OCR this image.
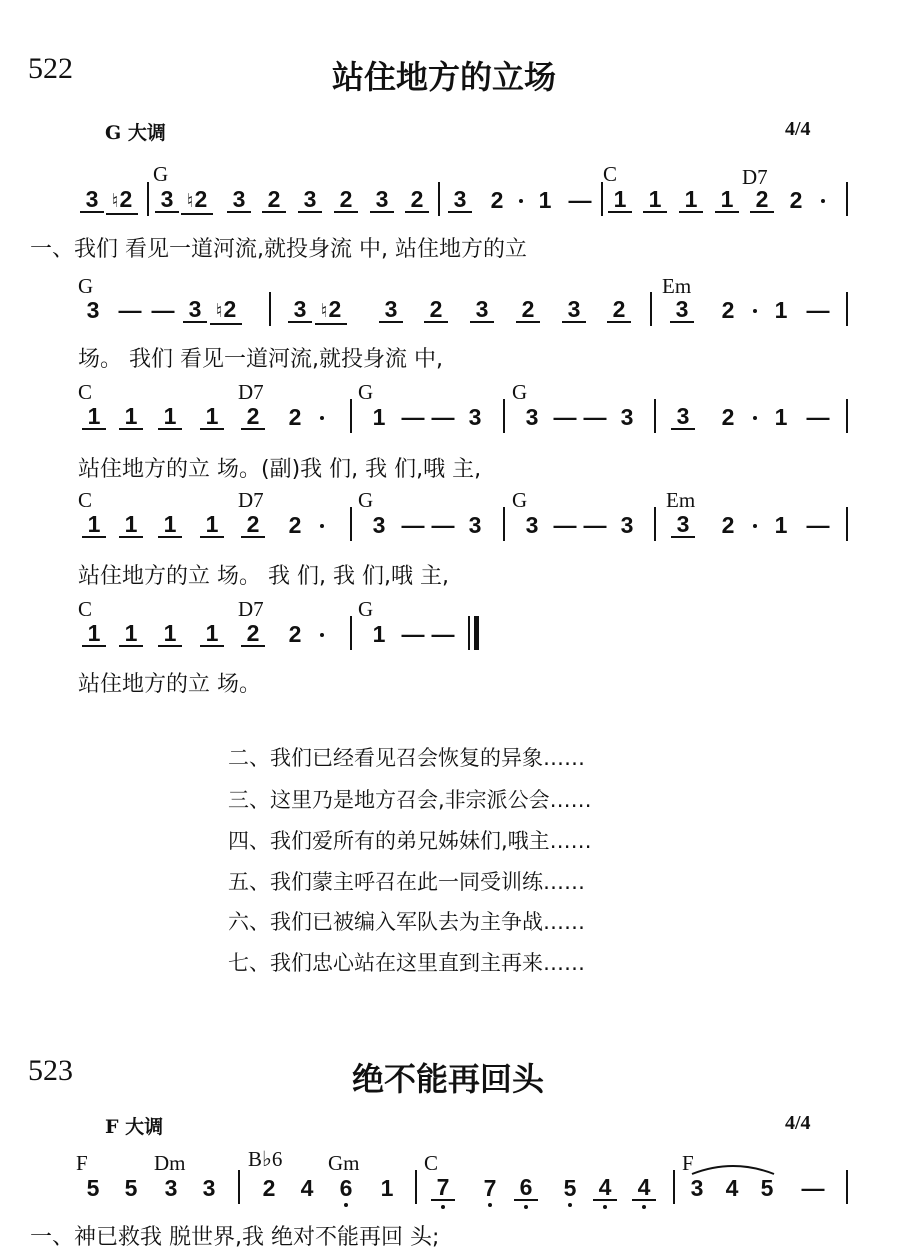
522	站住地方的立场
G 大调	4/4
G	C	D7
3 ♮2 3 ♮2 3 2 3 2 3 2 3	2	1 — 1 1 1 1 2 2
一、我们 看见一道河流,就投身流 中, 站住地方的立
G	Em
3 — — 3 ♮2 3 ♮2 3 2 3 2 3 2 3	2	1 —
场。 我们 看见一道河流,就投身流 中,
C	D7	G	G
1 1 1 1 2	2	1 — — 3	3 — — 3	3	2	1 —
站住地方的立 场。(副)我 们, 我 们,哦 主,
C	D7	G	G	Em
1 1 1 1 2	2	3 — — 3	3 — — 3	3	2	1 —
站住地方的立 场。 我 们, 我 们,哦 主,
C	D7	G
1 1 1 1 2	2	1 — —
站住地方的立 场。
二、我们已经看见召会恢复的异象……
三、这里乃是地方召会,非宗派公会……
四、我们爱所有的弟兄姊妹们,哦主……
五、我们蒙主呼召在此一同受训练……
六、我们已被编入军队去为主争战……
七、我们忠心站在这里直到主再来……
523	绝不能再回头
F 大调	4/4
F	Dm	B♭6 Gm	C	F
5	5	3	3	2	4	6	1	7	7	6	5 4 4	3 4 5	—
一、神已救我 脱世界,我 绝对不能再回 头;
